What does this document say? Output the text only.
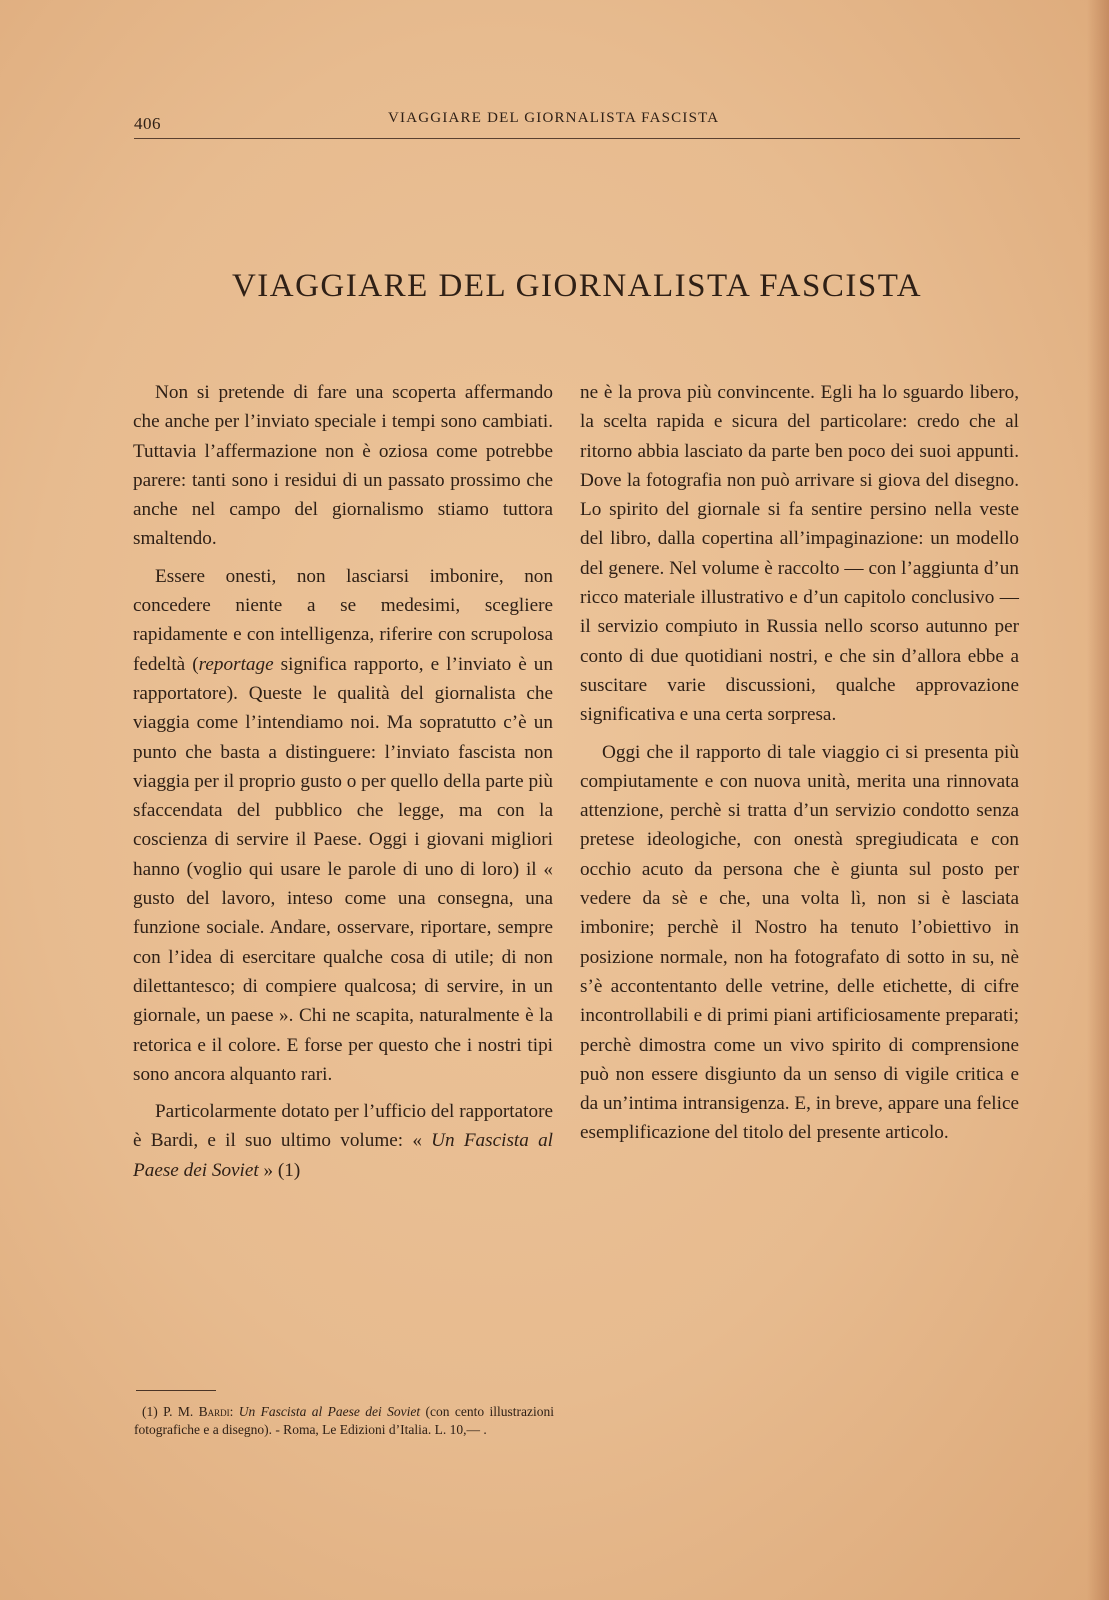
406	VIAGGIARE DEL GIORNALISTA FASCISTA
VIAGGIARE DEL GIORNALISTA FASCISTA

Non si pretende di fare una scoperta affermando che anche per l’inviato speciale i tempi sono cambiati. Tuttavia l’affermazione non è oziosa come potrebbe parere: tanti sono i residui di un passato prossimo che anche nel campo del giornalismo stiamo tuttora smaltendo.

Essere onesti, non lasciarsi imbonire, non concedere niente a se medesimi, scegliere rapidamente e con intelligenza, riferire con scrupolosa fedeltà (reportage significa rapporto, e l’inviato è un rapportatore). Queste le qualità del giornalista che viaggia come l’intendiamo noi. Ma sopratutto c’è un punto che basta a distinguere: l’inviato fascista non viaggia per il proprio gusto o per quello della parte più sfaccendata del pubblico che legge, ma con la coscienza di servire il Paese. Oggi i giovani migliori hanno (voglio qui usare le parole di uno di loro) il « gusto del lavoro, inteso come una consegna, una funzione sociale. Andare, osservare, riportare, sempre con l’idea di esercitare qualche cosa di utile; di non dilettantesco; di compiere qualcosa; di servire, in un giornale, un paese ». Chi ne scapita, naturalmente è la retorica e il colore. E forse per questo che i nostri tipi sono ancora alquanto rari.

Particolarmente dotato per l’ufficio del rapportatore è Bardi, e il suo ultimo volume: « Un Fascista al Paese dei Soviet » (1)

ne è la prova più convincente. Egli ha lo sguardo libero, la scelta rapida e sicura del particolare: credo che al ritorno abbia lasciato da parte ben poco dei suoi appunti. Dove la fotografia non può arrivare si giova del disegno. Lo spirito del giornale si fa sentire persino nella veste del libro, dalla copertina all’impaginazione: un modello del genere. Nel volume è raccolto — con l’aggiunta d’un ricco materiale illustrativo e d’un capitolo conclusivo — il servizio compiuto in Russia nello scorso autunno per conto di due quotidiani nostri, e che sin d’allora ebbe a suscitare varie discussioni, qualche approvazione significativa e una certa sorpresa.

Oggi che il rapporto di tale viaggio ci si presenta più compiutamente e con nuova unità, merita una rinnovata attenzione, perchè si tratta d’un servizio condotto senza pretese ideologiche, con onestà spregiudicata e con occhio acuto da persona che è giunta sul posto per vedere da sè e che, una volta lì, non si è lasciata imbonire; perchè il Nostro ha tenuto l’obiettivo in posizione normale, non ha fotografato di sotto in su, nè s’è accontentanto delle vetrine, delle etichette, di cifre incontrollabili e di primi piani artificiosamente preparati; perchè dimostra come un vivo spirito di comprensione può non essere disgiunto da un senso di vigile critica e da un’intima intransigenza. E, in breve, appare una felice esemplificazione del titolo del presente articolo.

(1) P. M. Bardi: Un Fascista al Paese dei Soviet (con cento illustrazioni fotografiche e a disegno). - Roma, Le Edizioni d’Italia. L. 10,— .
